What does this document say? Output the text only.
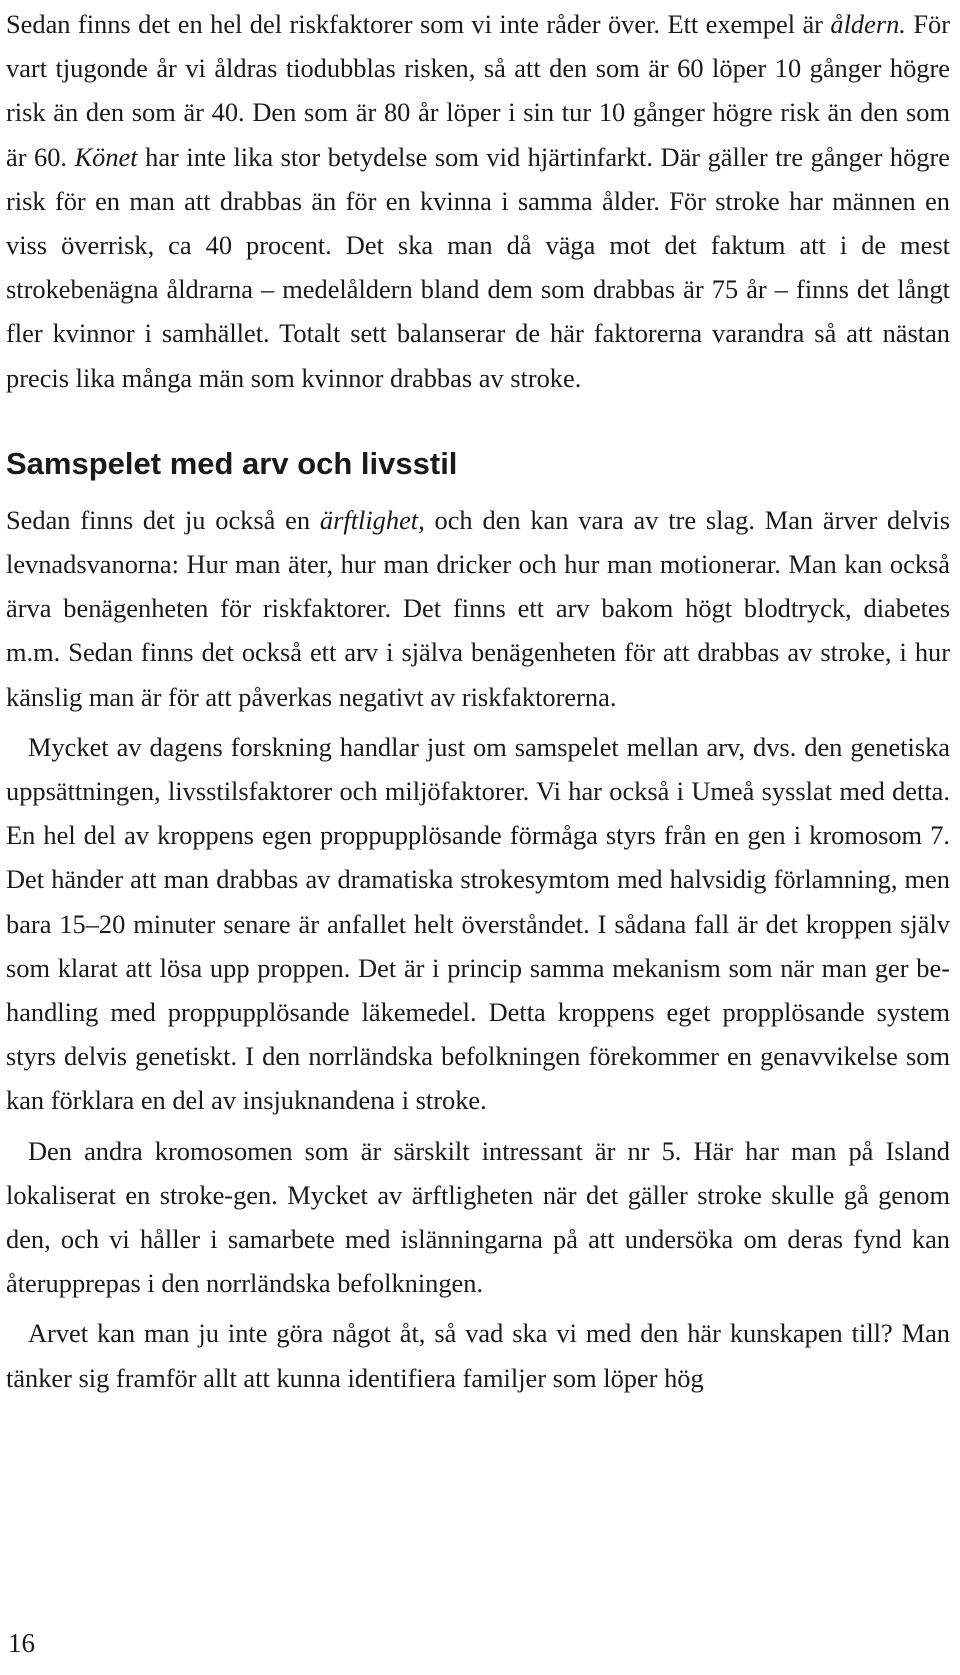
Sedan finns det en hel del riskfaktorer som vi inte råder över. Ett exempel är åldern. För vart tjugonde år vi åldras tiodubblas risken, så att den som är 60 löper 10 gånger högre risk än den som är 40. Den som är 80 år löper i sin tur 10 gånger högre risk än den som är 60. Könet har inte lika stor betydelse som vid hjärtinfarkt. Där gäller tre gånger högre risk för en man att drabbas än för en kvinna i samma ålder. För stroke har männen en viss överrisk, ca 40 procent. Det ska man då väga mot det faktum att i de mest strokebenägna åldrarna – medelåldern bland dem som drabbas är 75 år – finns det långt fler kvinnor i samhället. Totalt sett balanserar de här faktorerna varandra så att nästan precis lika många män som kvinnor drabbas av stroke.

Samspelet med arv och livsstil

Sedan finns det ju också en ärftlighet, och den kan vara av tre slag. Man ärver delvis levnadsvanorna: Hur man äter, hur man dricker och hur man motionerar. Man kan också ärva benägenheten för riskfaktorer. Det finns ett arv bakom högt blodtryck, diabetes m.m. Sedan finns det också ett arv i själva benägenheten för att drabbas av stroke, i hur känslig man är för att påverkas negativt av riskfaktorerna.

Mycket av dagens forskning handlar just om samspelet mellan arv, dvs. den genetiska uppsättningen, livsstilsfaktorer och miljöfaktorer. Vi har också i Umeå sysslat med detta. En hel del av kroppens egen proppupplösande förmåga styrs från en gen i kromosom 7. Det händer att man drabbas av dramatiska strokesymtom med halvsidig förlamning, men bara 15–20 minuter senare är anfallet helt överståndet. I sådana fall är det kroppen själv som klarat att lösa upp proppen. Det är i princip samma mekanism som när man ger behandling med proppupplösande läkemedel. Detta kroppens eget propplösande system styrs delvis genetiskt. I den norrländska befolkningen förekommer en genavvikelse som kan förklara en del av insjuknandena i stroke.

Den andra kromosomen som är särskilt intressant är nr 5. Här har man på Island lokaliserat en stroke-gen. Mycket av ärftligheten när det gäller stroke skulle gå genom den, och vi håller i samarbete med islänningarna på att undersöka om deras fynd kan återupprepas i den norrländska befolkningen.

Arvet kan man ju inte göra något åt, så vad ska vi med den här kunskapen till? Man tänker sig framför allt att kunna identifiera familjer som löper hög

16
